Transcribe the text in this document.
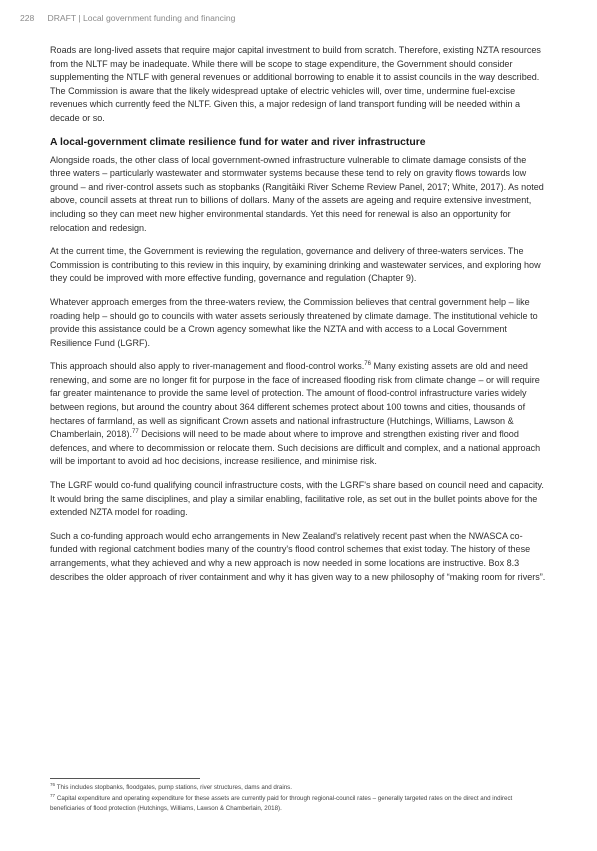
228 DRAFT | Local government funding and financing

Roads are long-lived assets that require major capital investment to build from scratch. Therefore, existing NZTA resources from the NLTF may be inadequate. While there will be scope to stage expenditure, the Government should consider supplementing the NTLF with general revenues or additional borrowing to enable it to assist councils in the way described. The Commission is aware that the likely widespread uptake of electric vehicles will, over time, undermine fuel-excise revenues which currently feed the NLTF. Given this, a major redesign of land transport funding will be needed within a decade or so.

A local-government climate resilience fund for water and river infrastructure

Alongside roads, the other class of local government-owned infrastructure vulnerable to climate damage consists of the three waters – particularly wastewater and stormwater systems because these tend to rely on gravity flows towards low ground – and river-control assets such as stopbanks (Rangitāiki River Scheme Review Panel, 2017; White, 2017). As noted above, council assets at threat run to billions of dollars. Many of the assets are ageing and require extensive investment, including so they can meet new higher environmental standards. Yet this need for renewal is also an opportunity for relocation and redesign.

At the current time, the Government is reviewing the regulation, governance and delivery of three-waters services. The Commission is contributing to this review in this inquiry, by examining drinking and wastewater services, and exploring how they could be improved with more effective funding, governance and regulation (Chapter 9).

Whatever approach emerges from the three-waters review, the Commission believes that central government help – like roading help – should go to councils with water assets seriously threatened by climate damage. The institutional vehicle to provide this assistance could be a Crown agency somewhat like the NZTA and with access to a Local Government Resilience Fund (LGRF).

This approach should also apply to river-management and flood-control works.$^{76}$ Many existing assets are old and need renewing, and some are no longer fit for purpose in the face of increased flooding risk from climate change – or will require far greater maintenance to provide the same level of protection. The amount of flood-control infrastructure varies widely between regions, but around the country about 364 different schemes protect about 100 towns and cities, thousands of hectares of farmland, as well as significant Crown assets and national infrastructure (Hutchings, Williams, Lawson & Chamberlain, 2018).$^{77}$ Decisions will need to be made about where to improve and strengthen existing river and flood defences, and where to decommission or relocate them. Such decisions are difficult and complex, and a national approach will be important to avoid ad hoc decisions, increase resilience, and minimise risk.

The LGRF would co-fund qualifying council infrastructure costs, with the LGRF's share based on council need and capacity. It would bring the same disciplines, and play a similar enabling, facilitative role, as set out in the bullet points above for the extended NZTA model for roading.

Such a co-funding approach would echo arrangements in New Zealand's relatively recent past when the NWASCA co-funded with regional catchment bodies many of the country's flood control schemes that exist today. The history of these arrangements, what they achieved and why a new approach is now needed in some locations are instructive. Box 8.3 describes the older approach of river containment and why it has given way to a new philosophy of “making room for rivers”.

$^{76}$ This includes stopbanks, floodgates, pump stations, river structures, dams and drains.

$^{77}$ Capital expenditure and operating expenditure for these assets are currently paid for through regional-council rates – generally targeted rates on the direct and indirect beneficiaries of flood protection (Hutchings, Williams, Lawson & Chamberlain, 2018).
